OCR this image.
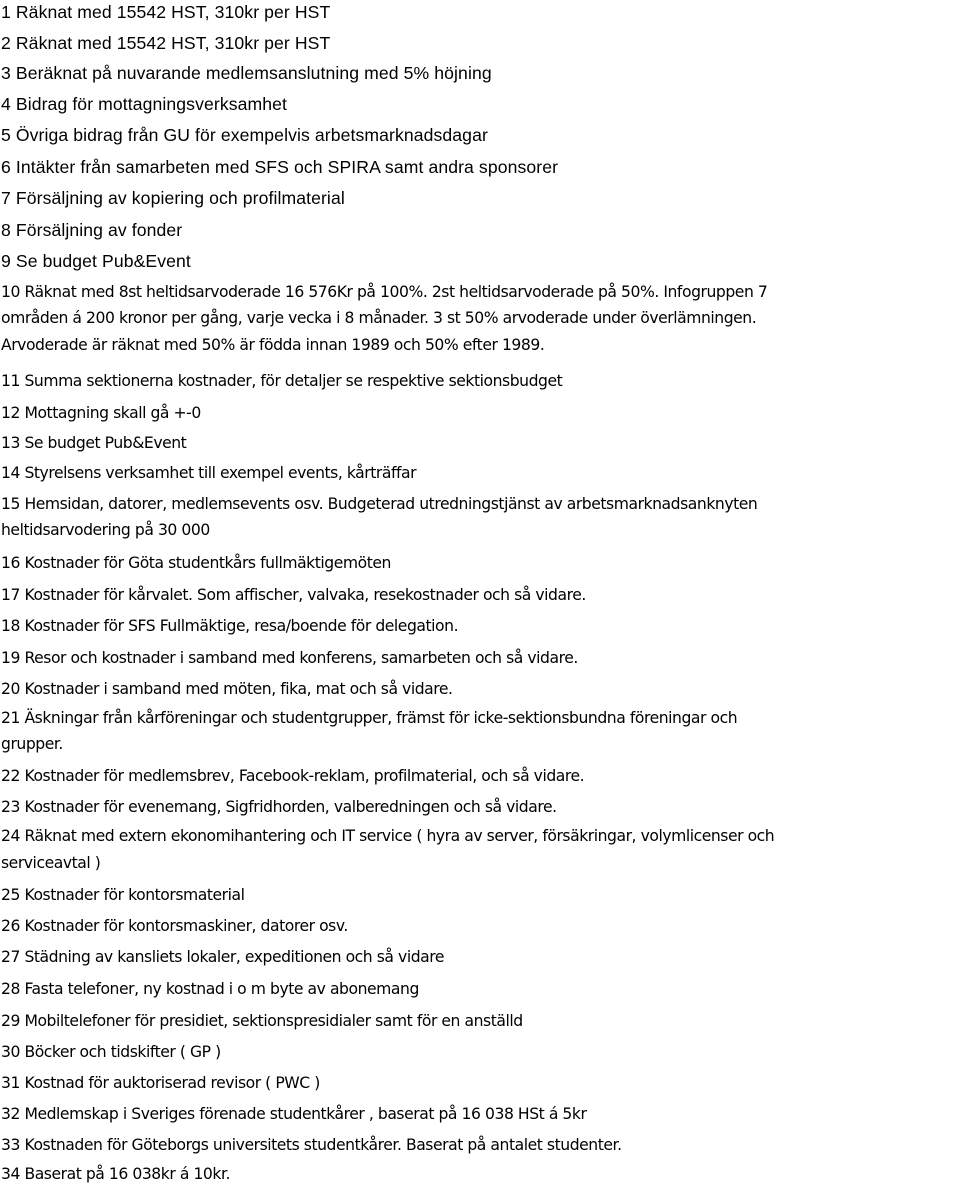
1 Räknat med 15542 HST, 310kr per HST

2 Räknat med 15542 HST, 310kr per HST

3 Beräknat på nuvarande medlemsanslutning med 5% höjning

4 Bidrag för mottagningsverksamhet

5 Övriga bidrag från GU för exempelvis arbetsmarknadsdagar

6 Intäkter från samarbeten med SFS och SPIRA samt andra sponsorer

7 Försäljning av kopiering och profilmaterial

8 Försäljning av fonder

9 Se budget Pub&Event

10 Räknat med 8st heltidsarvoderade 16 576Kr på 100%. 2st heltidsarvoderade på 50%. Infogruppen 7

områden á 200 kronor per gång, varje vecka i 8 månader. 3 st 50% arvoderade under överlämningen.

Arvoderade är räknat med 50% är födda innan 1989 och 50% efter 1989.

11 Summa sektionerna kostnader, för detaljer se respektive sektionsbudget

12 Mottagning skall gå +-0

13 Se budget Pub&Event

14 Styrelsens verksamhet till exempel events, kårträffar

15 Hemsidan, datorer, medlemsevents osv. Budgeterad utredningstjänst av arbetsmarknadsanknyten

heltidsarvodering på 30 000

16 Kostnader för Göta studentkårs fullmäktigemöten

17 Kostnader för kårvalet. Som affischer, valvaka, resekostnader och så vidare.

18 Kostnader för SFS Fullmäktige, resa/boende för delegation.

19 Resor och kostnader i samband med konferens, samarbeten och så vidare.

20 Kostnader i samband med möten, fika, mat och så vidare.

21 Äskningar från kårföreningar och studentgrupper, främst för icke-sektionsbundna föreningar och

grupper.

22 Kostnader för medlemsbrev, Facebook-reklam, profilmaterial, och så vidare.

23 Kostnader för evenemang, Sigfridhorden, valberedningen och så vidare.

24 Räknat med extern ekonomihantering och IT service ( hyra av server, försäkringar, volymlicenser och

serviceavtal )

25 Kostnader för kontorsmaterial

26 Kostnader för kontorsmaskiner, datorer osv.

27 Städning av kansliets lokaler, expeditionen och så vidare

28 Fasta telefoner, ny kostnad i o m byte av abonemang

29 Mobiltelefoner för presidiet, sektionspresidialer samt för en anställd

30 Böcker och tidskifter ( GP )

31 Kostnad för auktoriserad revisor ( PWC )

32 Medlemskap i Sveriges förenade studentkårer , baserat på 16 038 HSt á 5kr

33 Kostnaden för Göteborgs universitets studentkårer. Baserat på antalet studenter.

34 Baserat på 16 038kr á 10kr.
